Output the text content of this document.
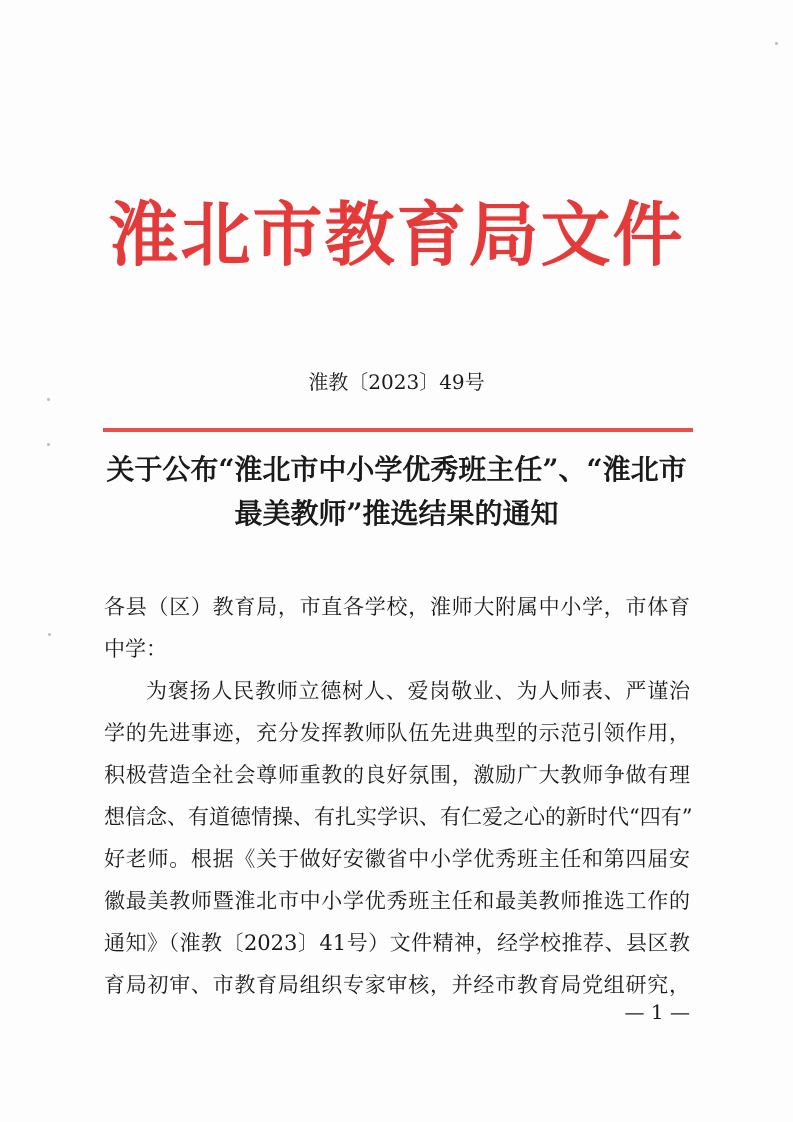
淮北市教育局文件
淮教〔2023〕49号
关于公布“淮北市中小学优秀班主任”、“淮北市
最美教师”推选结果的通知
各县（区）教育局，市直各学校，淮师大附属中小学，市体育
中学：
为褒扬人民教师立德树人、爱岗敬业、为人师表、严谨治
学的先进事迹，充分发挥教师队伍先进典型的示范引领作用，
积极营造全社会尊师重教的良好氛围，激励广大教师争做有理
想信念、有道德情操、有扎实学识、有仁爱之心的新时代“四有”
好老师。根据《关于做好安徽省中小学优秀班主任和第四届安
徽最美教师暨淮北市中小学优秀班主任和最美教师推选工作的
通知》（淮教〔2023〕41号）文件精神，经学校推荐、县区教
育局初审、市教育局组织专家审核，并经市教育局党组研究，
— 1 —
